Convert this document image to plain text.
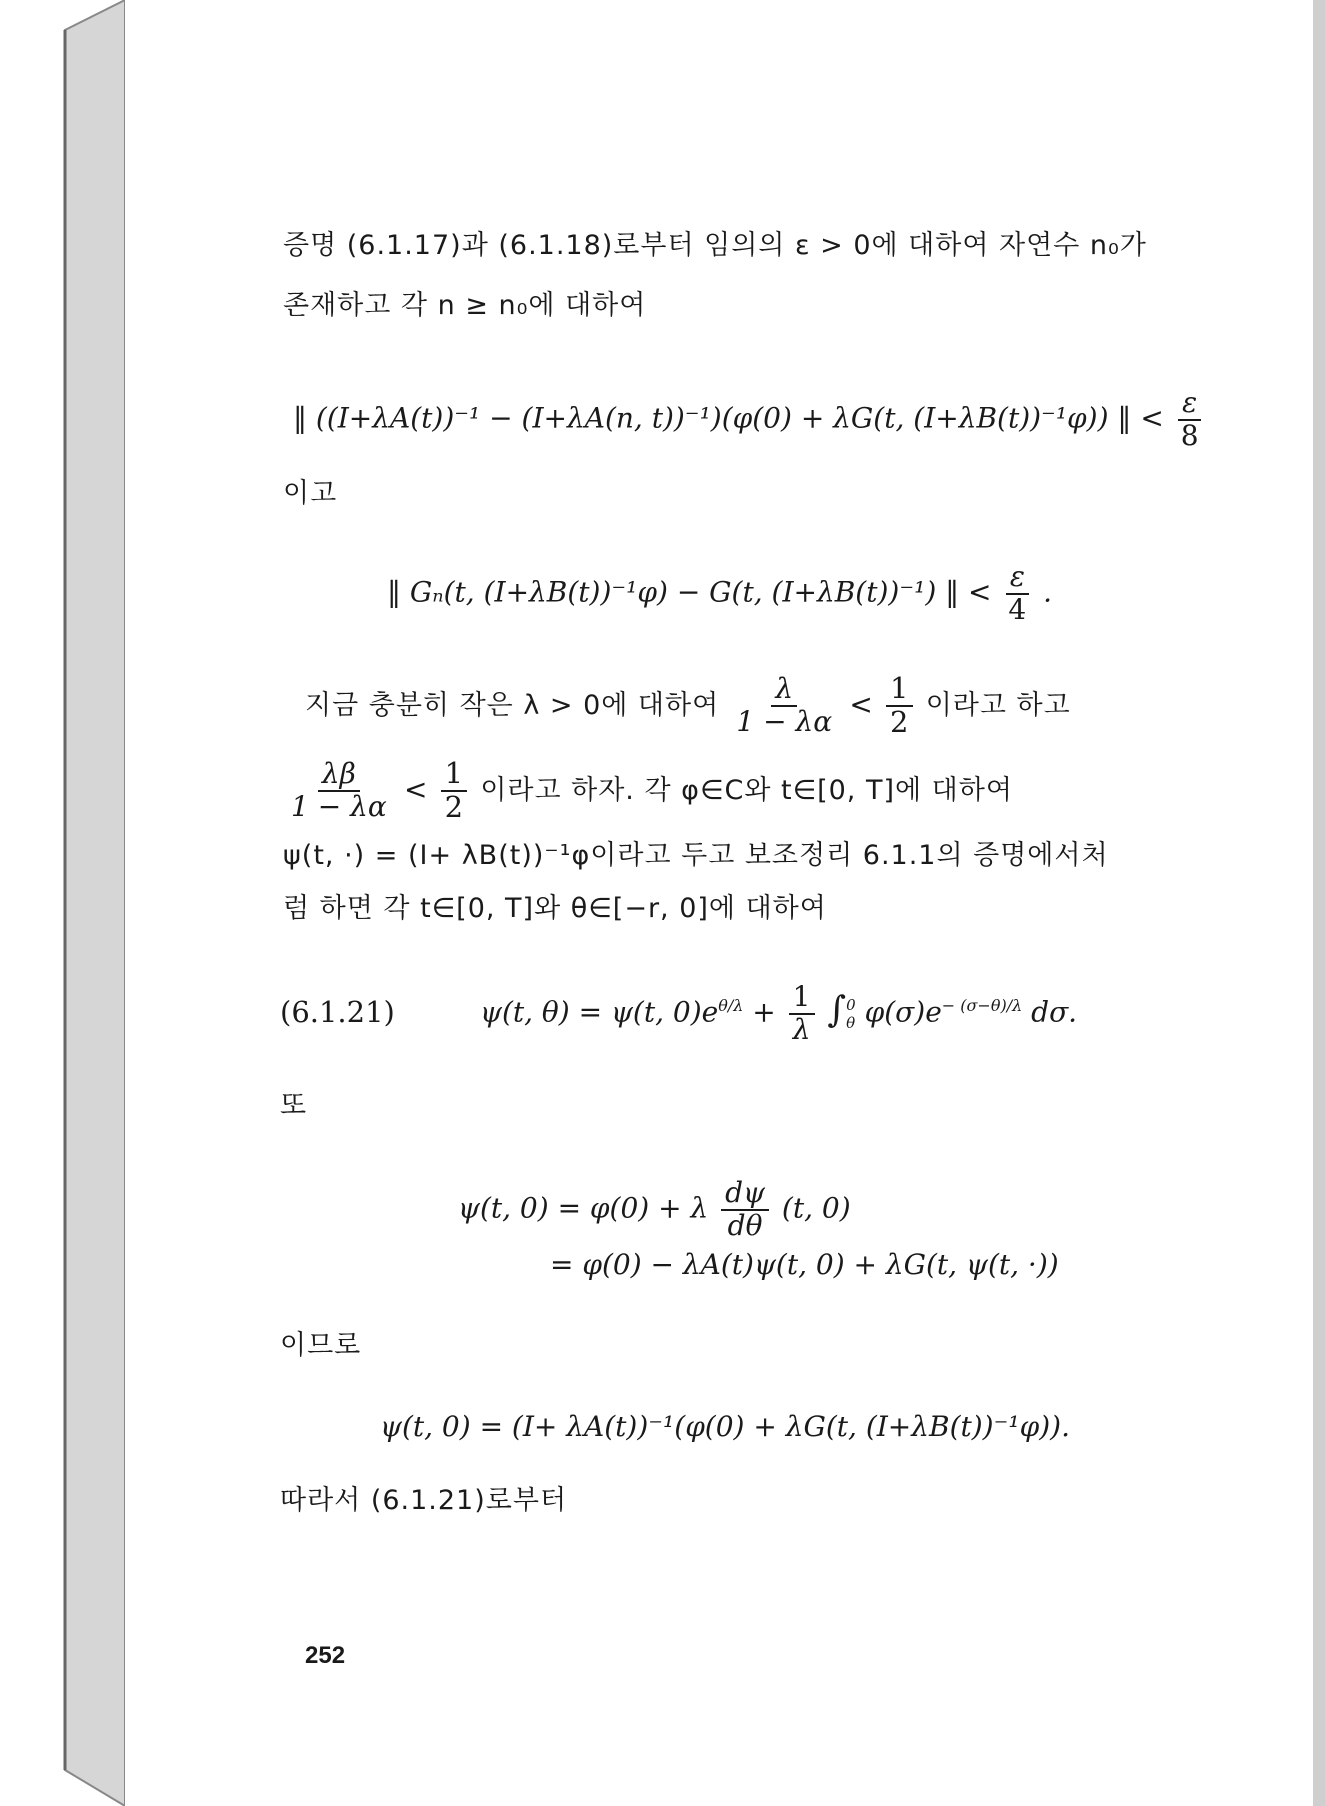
증명 (6.1.17)과 (6.1.18)로부터 임의의 ε > 0에 대하여 자연수 n₀가
존재하고 각 n ≥ n₀에 대하여
‖ ((I+λA(t))⁻¹ − (I+λA(n, t))⁻¹)(φ(0) + λG(t, (I+λB(t))⁻¹φ)) ‖ < $\frac{\varepsilon}{8}$
이고
‖ Gₙ(t, (I+λB(t))⁻¹φ) − G(t, (I+λB(t))⁻¹) ‖ < $\frac{\varepsilon}{4}$ .
지금 충분히 작은 λ > 0에 대하여 $\frac{\lambda}{1 - \lambda\alpha} < \frac{1}{2}$ 이라고 하고
$\frac{\lambda\beta}{1 - \lambda\alpha} < \frac{1}{2}$ 이라고 하자. 각 φ∈C와 t∈[0, T]에 대하여
ψ(t, ·) = (I+ λB(t))⁻¹φ이라고 두고 보조정리 6.1.1의 증명에서처
럼 하면 각 t∈[0, T]와 θ∈[−r, 0]에 대하여
(6.1.21)	ψ(t, θ) = ψ(t, $0)e^{\theta/\lambda} + \frac{1}{\lambda}$ ∫ 0
θ $\varphi(\sigma)e^{- (\sigma-\theta)/\lambda}$ dσ.
또
ψ(t, 0) = φ(0) + λ $\frac{d\psi}{d\theta} (t$, 0)
= φ(0) − λA(t)ψ(t, 0) + λG(t, ψ(t, ·))
이므로
ψ(t, 0) = (I+ λA(t))⁻¹(φ(0) + λG(t, (I+λB(t))⁻¹φ)).
따라서 (6.1.21)로부터
252
